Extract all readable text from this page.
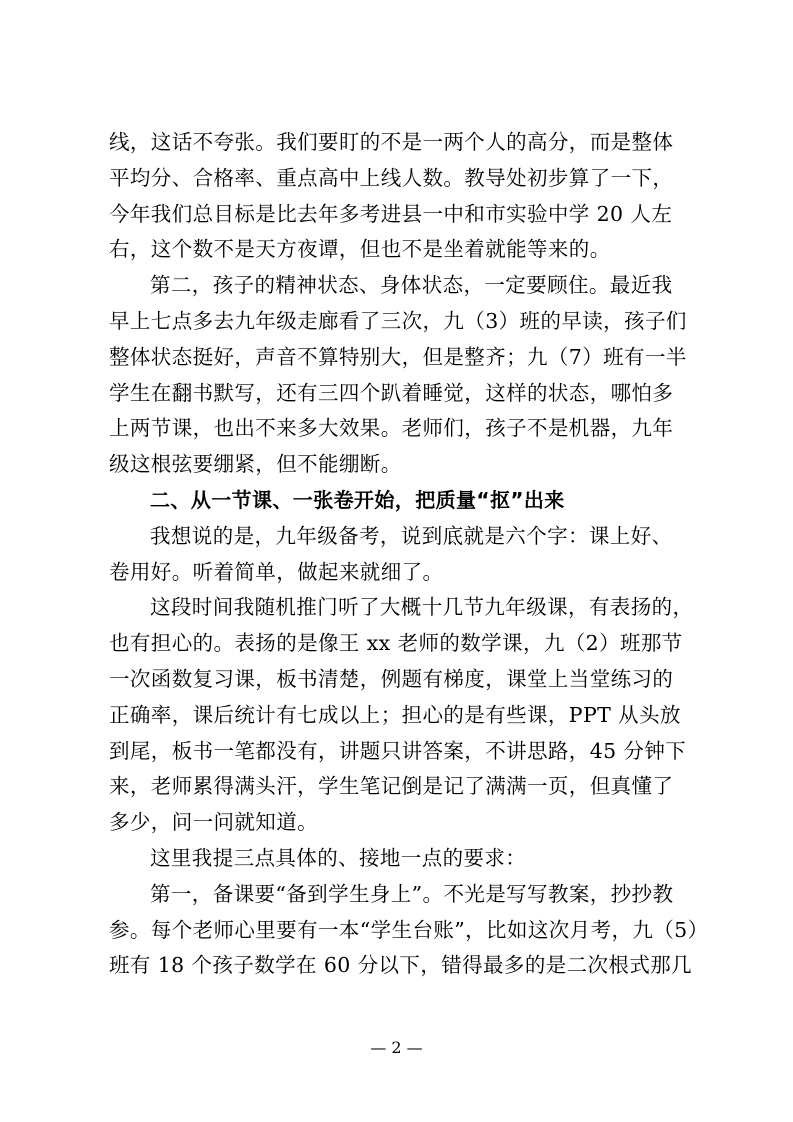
线，这话不夸张。我们要盯的不是一两个人的高分，而是整体
平均分、合格率、重点高中上线人数。教导处初步算了一下，
今年我们总目标是比去年多考进县一中和市实验中学 20 人左
右，这个数不是天方夜谭，但也不是坐着就能等来的。
第二，孩子的精神状态、身体状态，一定要顾住。最近我
早上七点多去九年级走廊看了三次，九（3）班的早读，孩子们
整体状态挺好，声音不算特别大，但是整齐；九（7）班有一半
学生在翻书默写，还有三四个趴着睡觉，这样的状态，哪怕多
上两节课，也出不来多大效果。老师们，孩子不是机器，九年
级这根弦要绷紧，但不能绷断。
二、从一节课、一张卷开始，把质量“抠”出来
我想说的是，九年级备考，说到底就是六个字：课上好、
卷用好。听着简单，做起来就细了。
这段时间我随机推门听了大概十几节九年级课，有表扬的，
也有担心的。表扬的是像王 xx 老师的数学课，九（2）班那节
一次函数复习课，板书清楚，例题有梯度，课堂上当堂练习的
正确率，课后统计有七成以上；担心的是有些课，PPT 从头放
到尾，板书一笔都没有，讲题只讲答案，不讲思路，45 分钟下
来，老师累得满头汗，学生笔记倒是记了满满一页，但真懂了
多少，问一问就知道。
这里我提三点具体的、接地一点的要求：
第一，备课要“备到学生身上”。不光是写写教案，抄抄教
参。每个老师心里要有一本“学生台账”，比如这次月考，九（5）
班有 18 个孩子数学在 60 分以下，错得最多的是二次根式那几
— 2 —
